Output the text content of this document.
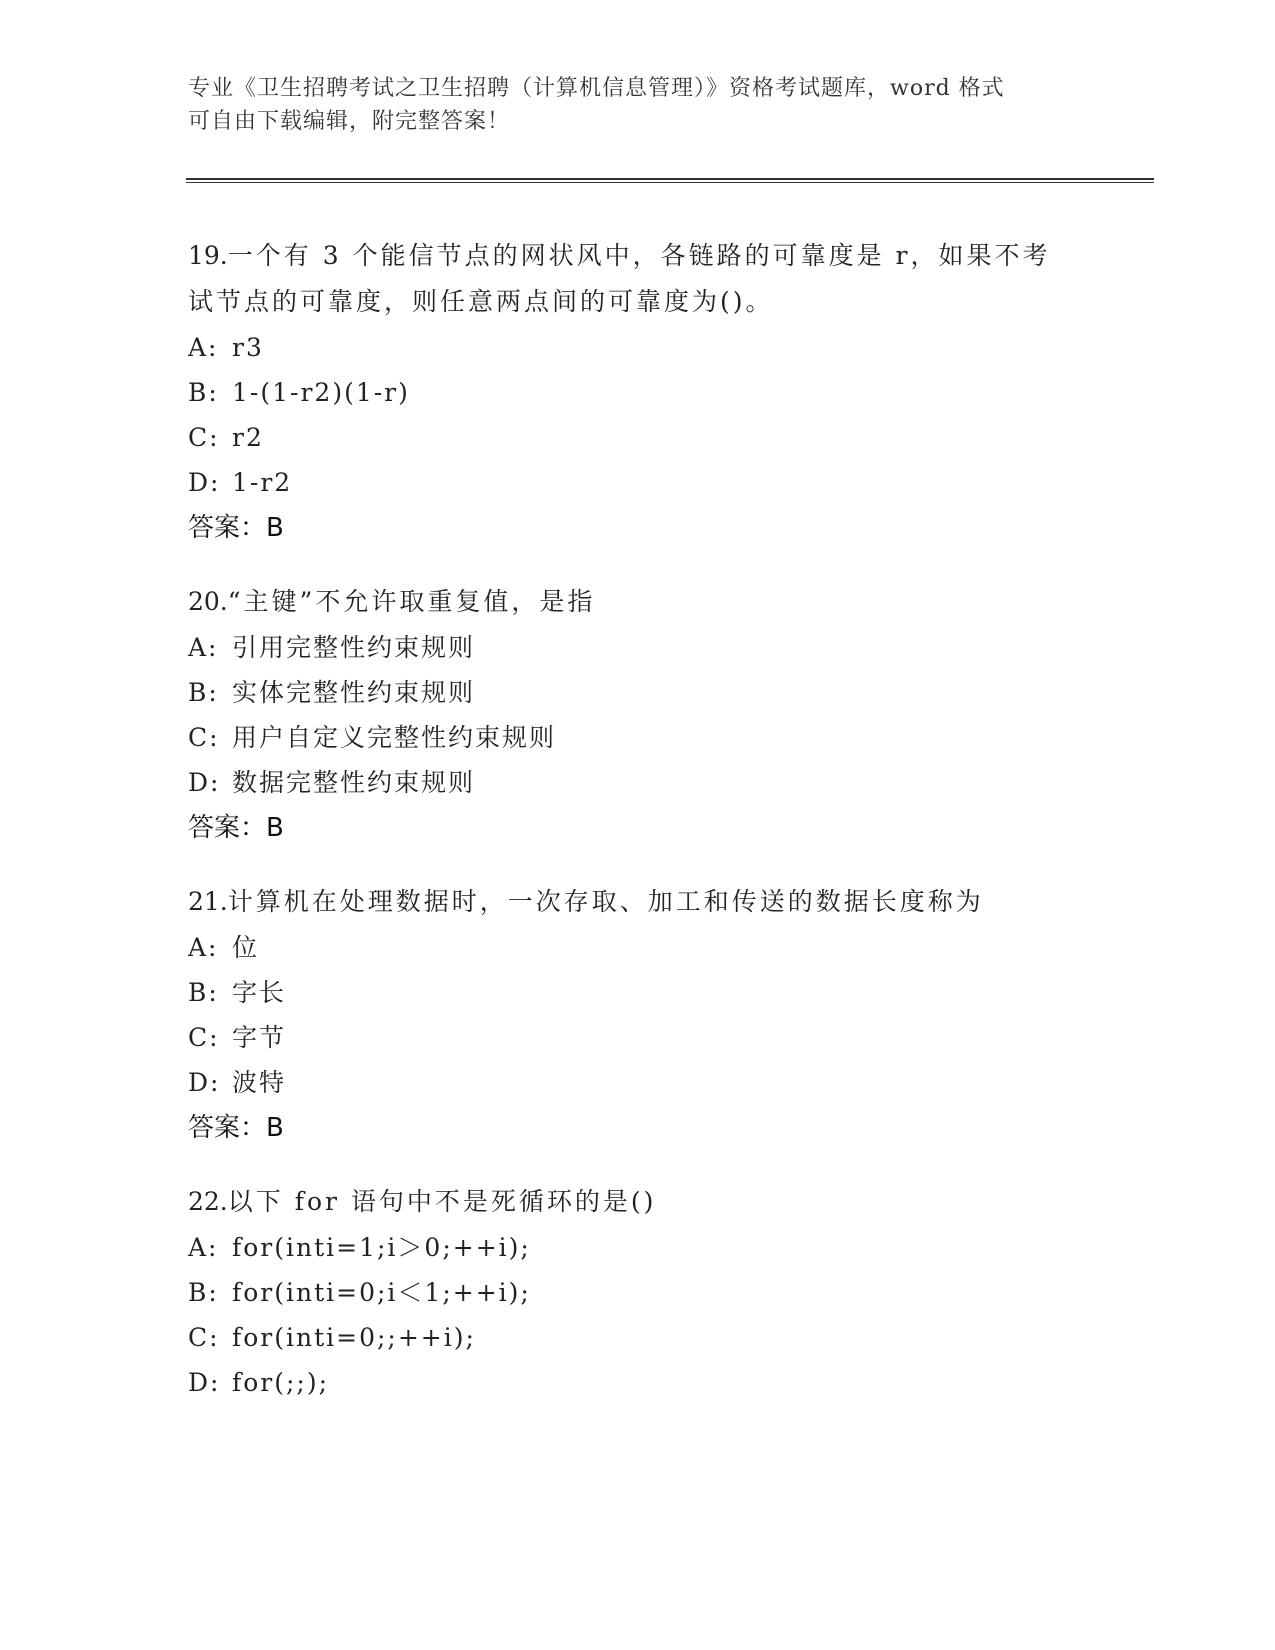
专业《卫生招聘考试之卫生招聘（计算机信息管理）》资格考试题库，word 格式
可自由下载编辑，附完整答案！
19.一个有 3 个能信节点的网状风中，各链路的可靠度是 r，如果不考
试节点的可靠度，则任意两点间的可靠度为()。
A: r3
B: 1-(1-r2)(1-r)
C: r2
D: 1-r2
答案：B
20.“主键”不允许取重复值，是指
A: 引用完整性约束规则
B: 实体完整性约束规则
C: 用户自定义完整性约束规则
D: 数据完整性约束规则
答案：B
21.计算机在处理数据时，一次存取、加工和传送的数据长度称为
A: 位
B: 字长
C: 字节
D: 波特
答案：B
22.以下 for 语句中不是死循环的是()
A: for(inti=1;i＞0;++i);
B: for(inti=0;i＜1;++i);
C: for(inti=0;;++i);
D: for(;;);
